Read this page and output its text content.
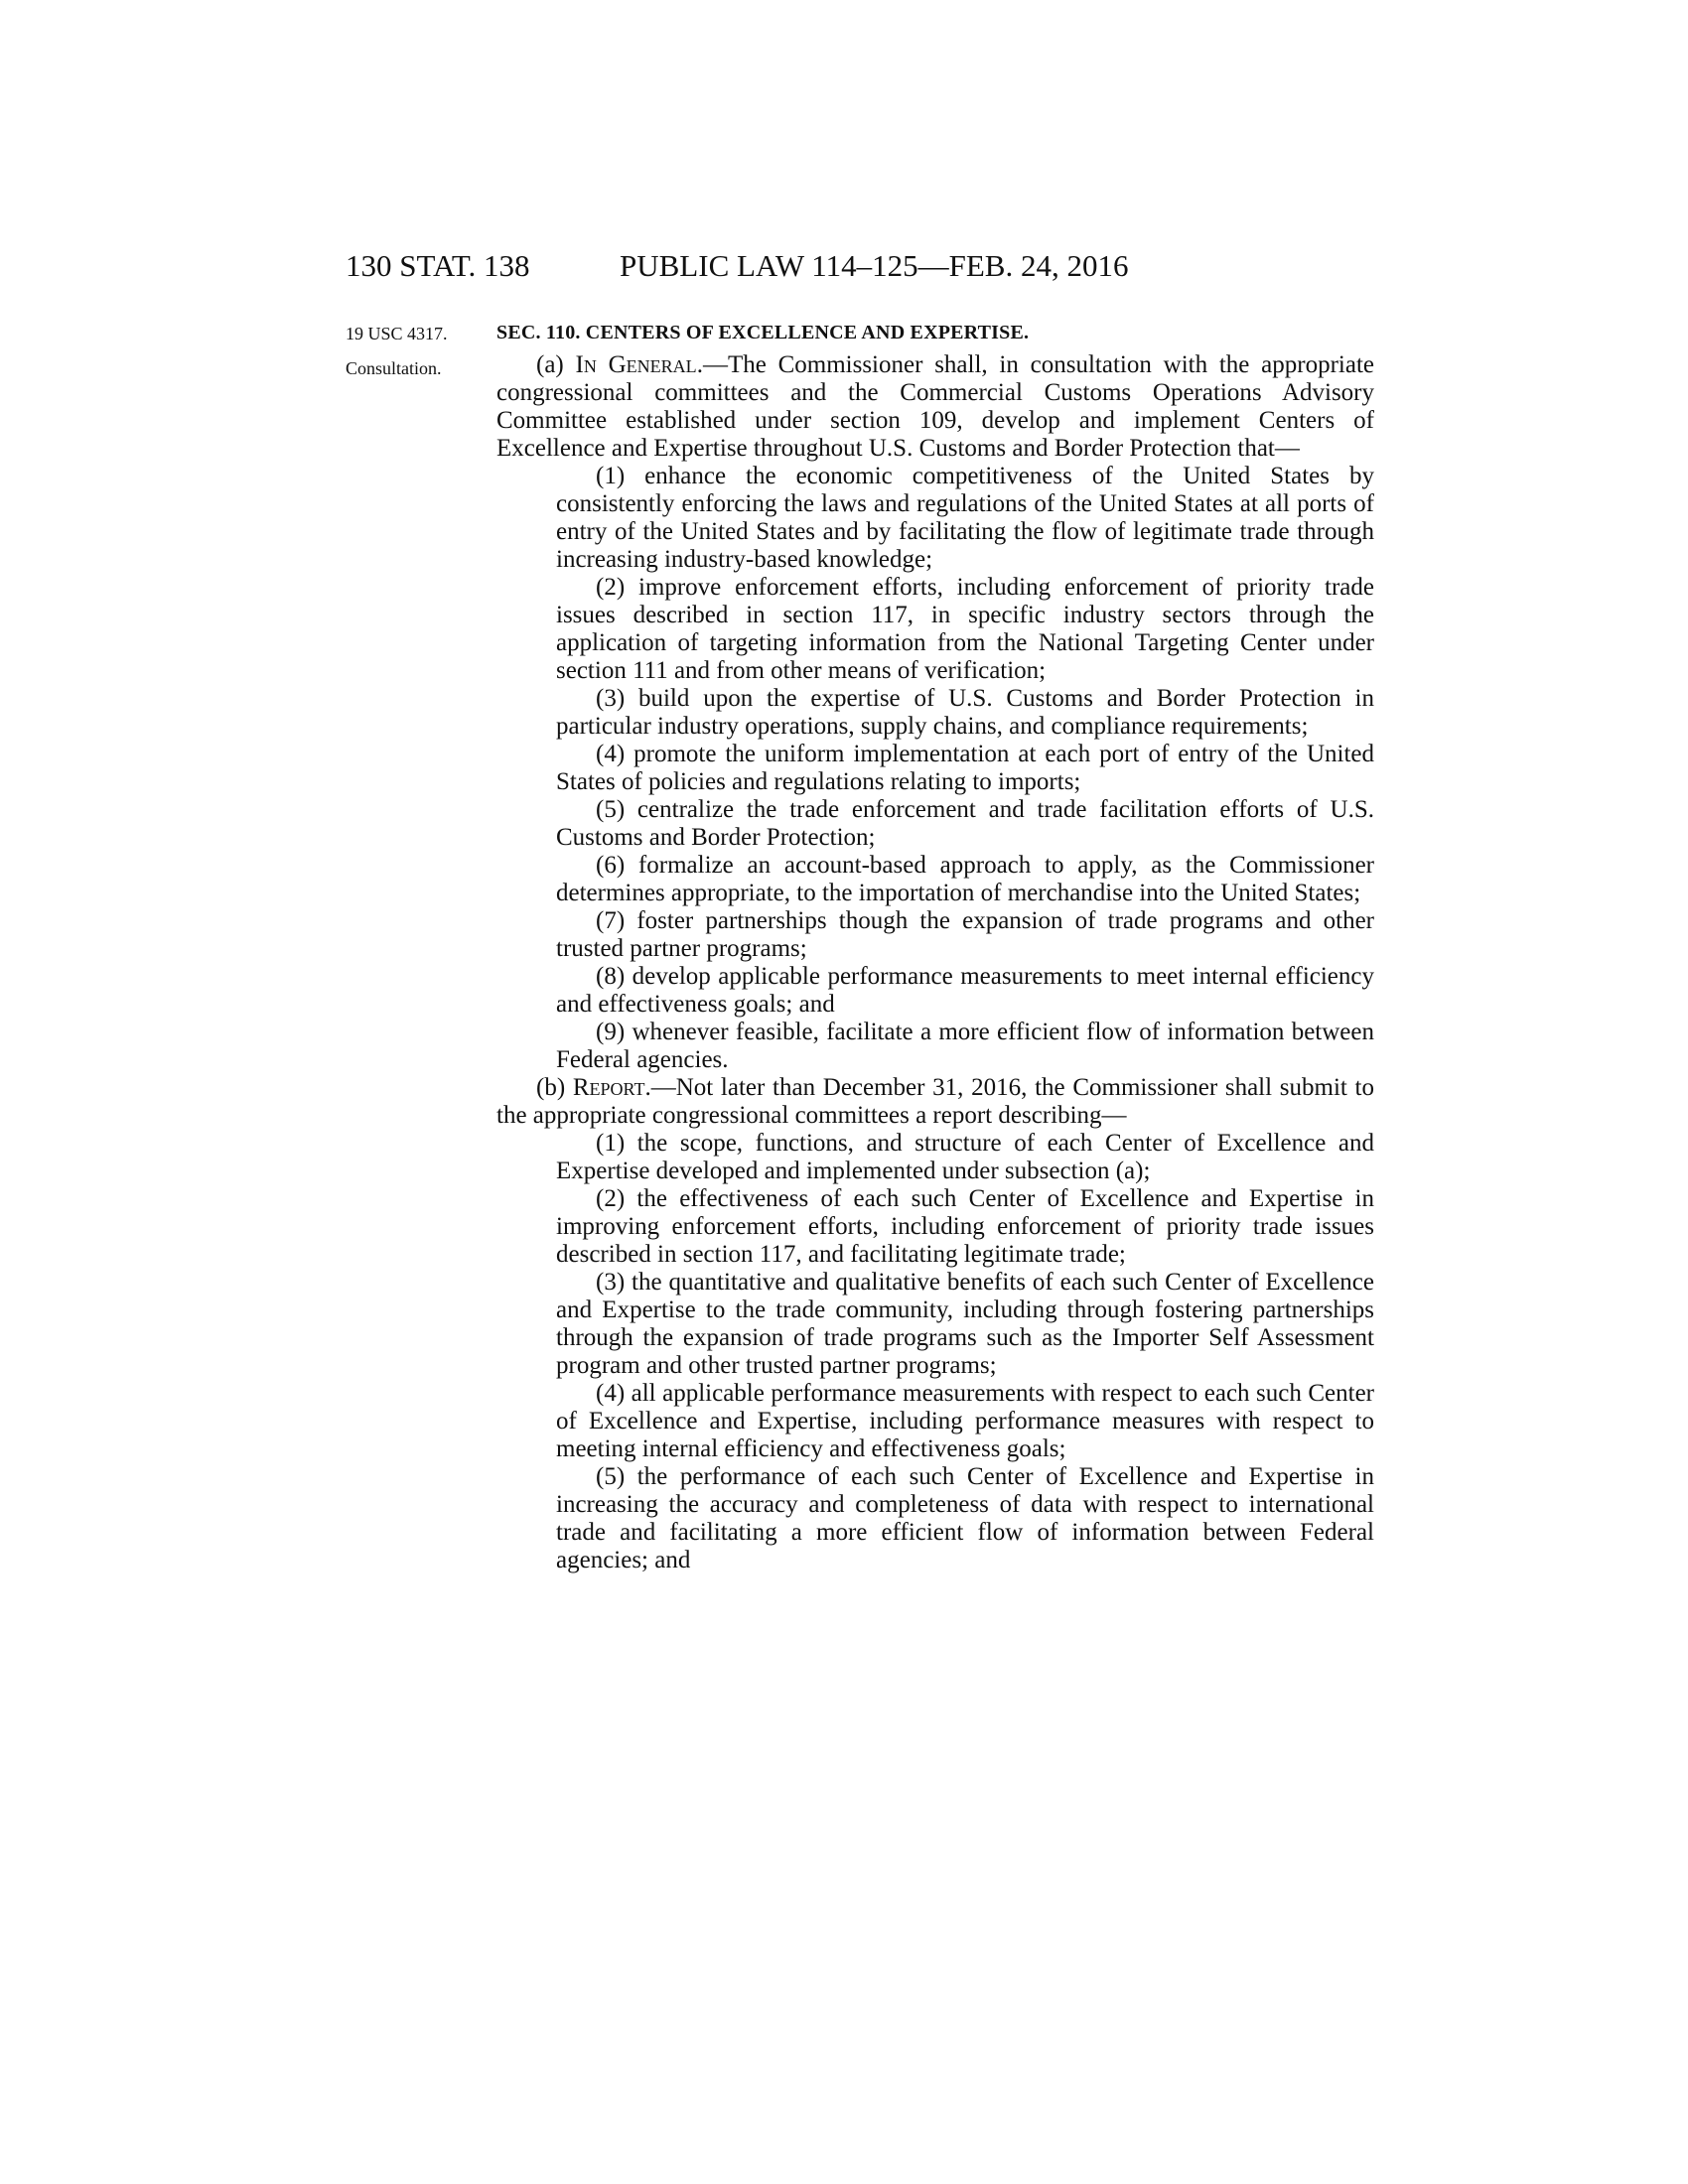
130 STAT. 138	PUBLIC LAW 114–125—FEB. 24, 2016
19 USC 4317.
Consultation.
SEC. 110. CENTERS OF EXCELLENCE AND EXPERTISE.

(a) In General.—The Commissioner shall, in consultation with the appropriate congressional committees and the Commercial Customs Operations Advisory Committee established under section 109, develop and implement Centers of Excellence and Expertise throughout U.S. Customs and Border Protection that—

(1) enhance the economic competitiveness of the United States by consistently enforcing the laws and regulations of the United States at all ports of entry of the United States and by facilitating the flow of legitimate trade through increasing industry-based knowledge;

(2) improve enforcement efforts, including enforcement of priority trade issues described in section 117, in specific industry sectors through the application of targeting information from the National Targeting Center under section 111 and from other means of verification;

(3) build upon the expertise of U.S. Customs and Border Protection in particular industry operations, supply chains, and compliance requirements;

(4) promote the uniform implementation at each port of entry of the United States of policies and regulations relating to imports;

(5) centralize the trade enforcement and trade facilitation efforts of U.S. Customs and Border Protection;

(6) formalize an account-based approach to apply, as the Commissioner determines appropriate, to the importation of merchandise into the United States;

(7) foster partnerships though the expansion of trade programs and other trusted partner programs;

(8) develop applicable performance measurements to meet internal efficiency and effectiveness goals; and

(9) whenever feasible, facilitate a more efficient flow of information between Federal agencies.

(b) Report.—Not later than December 31, 2016, the Commissioner shall submit to the appropriate congressional committees a report describing—

(1) the scope, functions, and structure of each Center of Excellence and Expertise developed and implemented under subsection (a);

(2) the effectiveness of each such Center of Excellence and Expertise in improving enforcement efforts, including enforcement of priority trade issues described in section 117, and facilitating legitimate trade;

(3) the quantitative and qualitative benefits of each such Center of Excellence and Expertise to the trade community, including through fostering partnerships through the expansion of trade programs such as the Importer Self Assessment program and other trusted partner programs;

(4) all applicable performance measurements with respect to each such Center of Excellence and Expertise, including performance measures with respect to meeting internal efficiency and effectiveness goals;

(5) the performance of each such Center of Excellence and Expertise in increasing the accuracy and completeness of data with respect to international trade and facilitating a more efficient flow of information between Federal agencies; and
